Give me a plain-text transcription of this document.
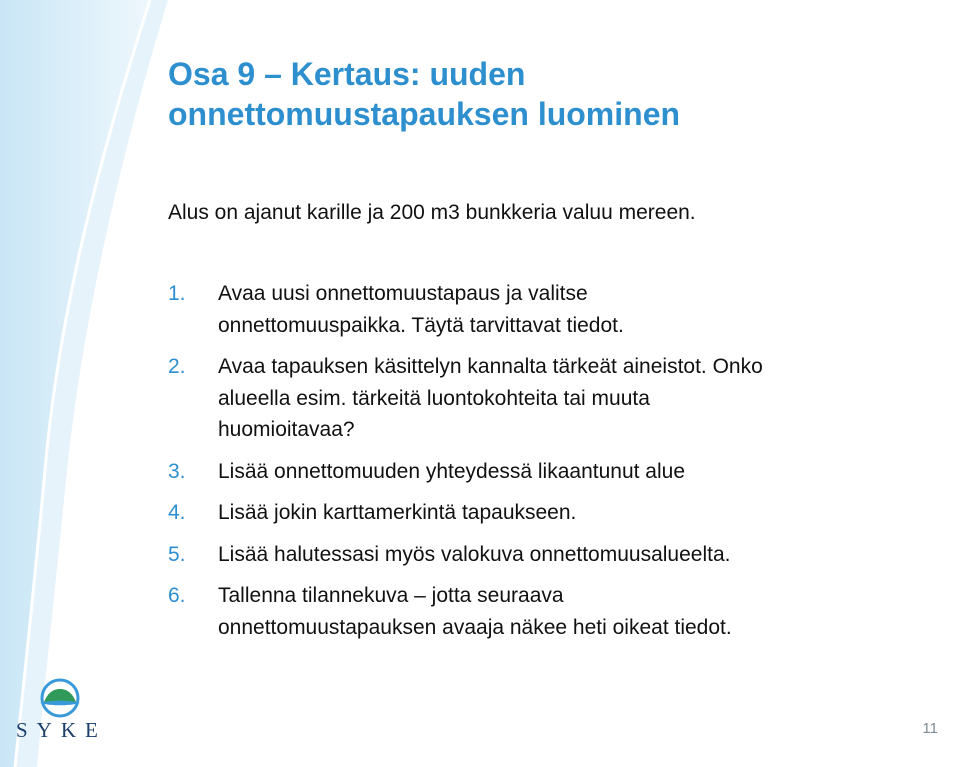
Osa 9 – Kertaus: uuden
onnettomuustapauksen luominen

Alus on ajanut karille ja 200 m3 bunkkeria valuu mereen.

1. Avaa uusi onnettomuustapaus ja valitse
onnettomuuspaikka. Täytä tarvittavat tiedot.
2. Avaa tapauksen käsittelyn kannalta tärkeät aineistot. Onko
alueella esim. tärkeitä luontokohteita tai muuta
huomioitavaa?
3. Lisää onnettomuuden yhteydessä likaantunut alue
4. Lisää jokin karttamerkintä tapaukseen.
5. Lisää halutessasi myös valokuva onnettomuusalueelta.
6. Tallenna tilannekuva – jotta seuraava
onnettomuustapauksen avaaja näkee heti oikeat tiedot.
SYKE	11
